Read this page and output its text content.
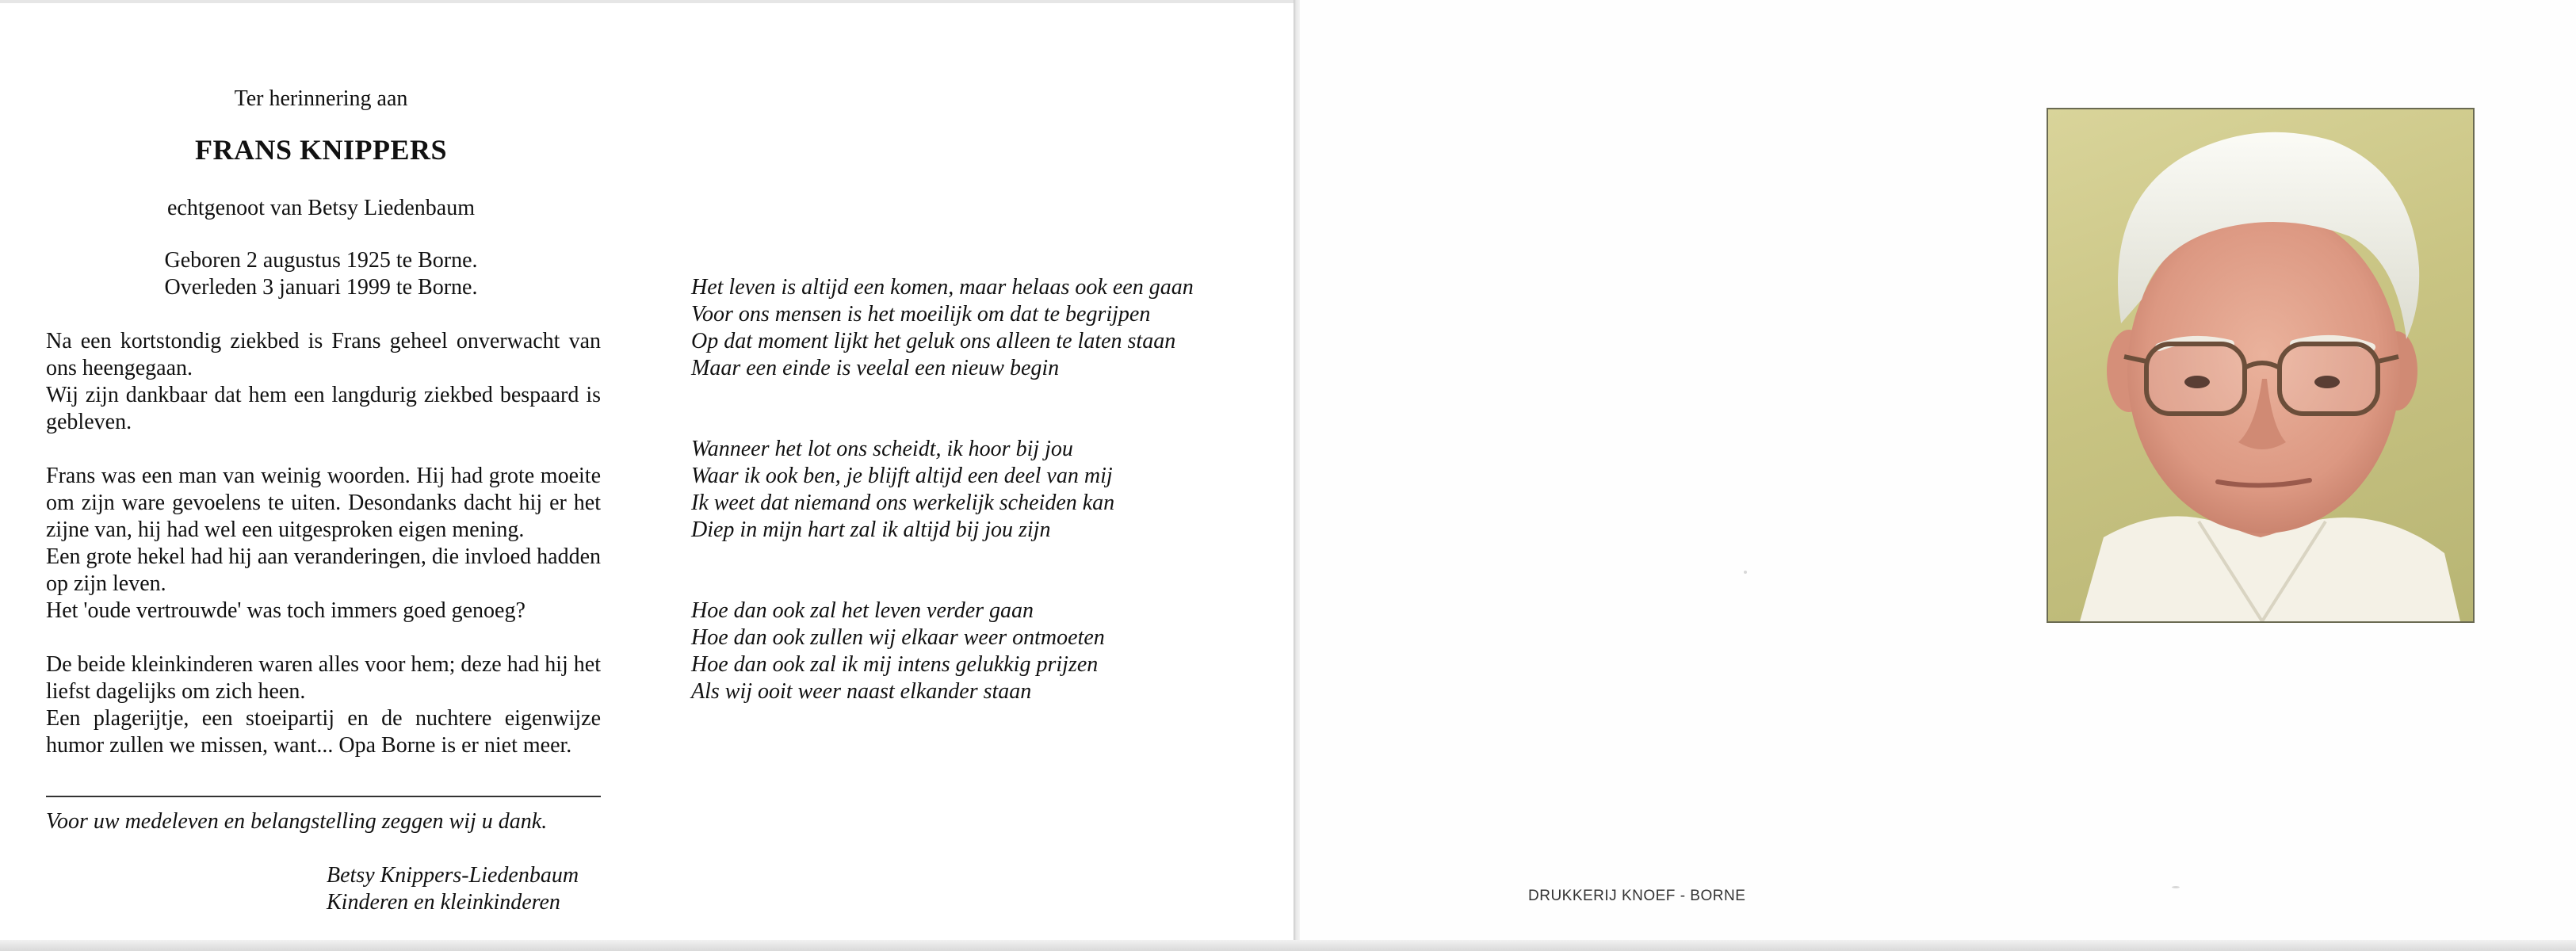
Ter herinnering aan
FRANS KNIPPERS
echtgenoot van Betsy Liedenbaum
Geboren 2 augustus 1925 te Borne.
Overleden 3 januari 1999 te Borne.

Na een kortstondig ziekbed is Frans geheel onverwacht van ons heengegaan.
Wij zijn dankbaar dat hem een langdurig ziekbed bespaard is gebleven.

Frans was een man van weinig woorden. Hij had grote moeite om zijn ware gevoelens te uiten. Desondanks dacht hij er het zijne van, hij had wel een uitgesproken eigen mening.
Een grote hekel had hij aan veranderingen, die invloed hadden op zijn leven.
Het 'oude vertrouwde' was toch immers goed genoeg?

De beide kleinkinderen waren alles voor hem; deze had hij het liefst dagelijks om zich heen.
Een plagerijtje, een stoeipartij en de nuchtere eigenwijze humor zullen we missen, want... Opa Borne is er niet meer.

Voor uw medeleven en belangstelling zeggen wij u dank.
Betsy Knippers-Liedenbaum
Kinderen en kleinkinderen
Het leven is altijd een komen, maar helaas ook een gaan
Voor ons mensen is het moeilijk om dat te begrijpen
Op dat moment lijkt het geluk ons alleen te laten staan
Maar een einde is veelal een nieuw begin
Wanneer het lot ons scheidt, ik hoor bij jou
Waar ik ook ben, je blijft altijd een deel van mij
Ik weet dat niemand ons werkelijk scheiden kan
Diep in mijn hart zal ik altijd bij jou zijn
Hoe dan ook zal het leven verder gaan
Hoe dan ook zullen wij elkaar weer ontmoeten
Hoe dan ook zal ik mij intens gelukkig prijzen
Als wij ooit weer naast elkander staan
DRUKKERIJ KNOEF - BORNE
